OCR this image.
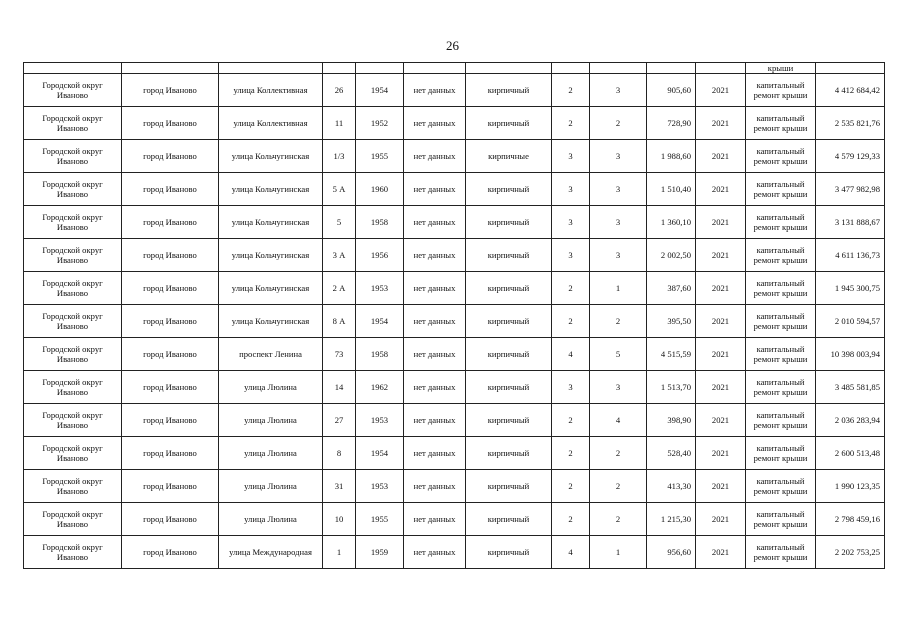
26
											крыши	
Городской округ Иваново	город Иваново	улица Коллективная	26	1954	нет данных	кирпичный	2	3	905,60	2021	капитальный ремонт крыши	4 412 684,42
Городской округ Иваново	город Иваново	улица Коллективная	11	1952	нет данных	кирпичный	2	2	728,90	2021	капитальный ремонт крыши	2 535 821,76
Городской округ Иваново	город Иваново	улица Кольчугинская	1/3	1955	нет данных	кирпичные	3	3	1 988,60	2021	капитальный ремонт крыши	4 579 129,33
Городской округ Иваново	город Иваново	улица Кольчугинская	5 А	1960	нет данных	кирпичный	3	3	1 510,40	2021	капитальный ремонт крыши	3 477 982,98
Городской округ Иваново	город Иваново	улица Кольчугинская	5	1958	нет данных	кирпичный	3	3	1 360,10	2021	капитальный ремонт крыши	3 131 888,67
Городской округ Иваново	город Иваново	улица Кольчугинская	3 А	1956	нет данных	кирпичный	3	3	2 002,50	2021	капитальный ремонт крыши	4 611 136,73
Городской округ Иваново	город Иваново	улица Кольчугинская	2 А	1953	нет данных	кирпичный	2	1	387,60	2021	капитальный ремонт крыши	1 945 300,75
Городской округ Иваново	город Иваново	улица Кольчугинская	8 А	1954	нет данных	кирпичный	2	2	395,50	2021	капитальный ремонт крыши	2 010 594,57
Городской округ Иваново	город Иваново	проспект Ленина	73	1958	нет данных	кирпичный	4	5	4 515,59	2021	капитальный ремонт крыши	10 398 003,94
Городской округ Иваново	город Иваново	улица Люлина	14	1962	нет данных	кирпичный	3	3	1 513,70	2021	капитальный ремонт крыши	3 485 581,85
Городской округ Иваново	город Иваново	улица Люлина	27	1953	нет данных	кирпичный	2	4	398,90	2021	капитальный ремонт крыши	2 036 283,94
Городской округ Иваново	город Иваново	улица Люлина	8	1954	нет данных	кирпичный	2	2	528,40	2021	капитальный ремонт крыши	2 600 513,48
Городской округ Иваново	город Иваново	улица Люлина	31	1953	нет данных	кирпичный	2	2	413,30	2021	капитальный ремонт крыши	1 990 123,35
Городской округ Иваново	город Иваново	улица Люлина	10	1955	нет данных	кирпичный	2	2	1 215,30	2021	капитальный ремонт крыши	2 798 459,16
Городской округ Иваново	город Иваново	улица Международная	1	1959	нет данных	кирпичный	4	1	956,60	2021	капитальный ремонт крыши	2 202 753,25
